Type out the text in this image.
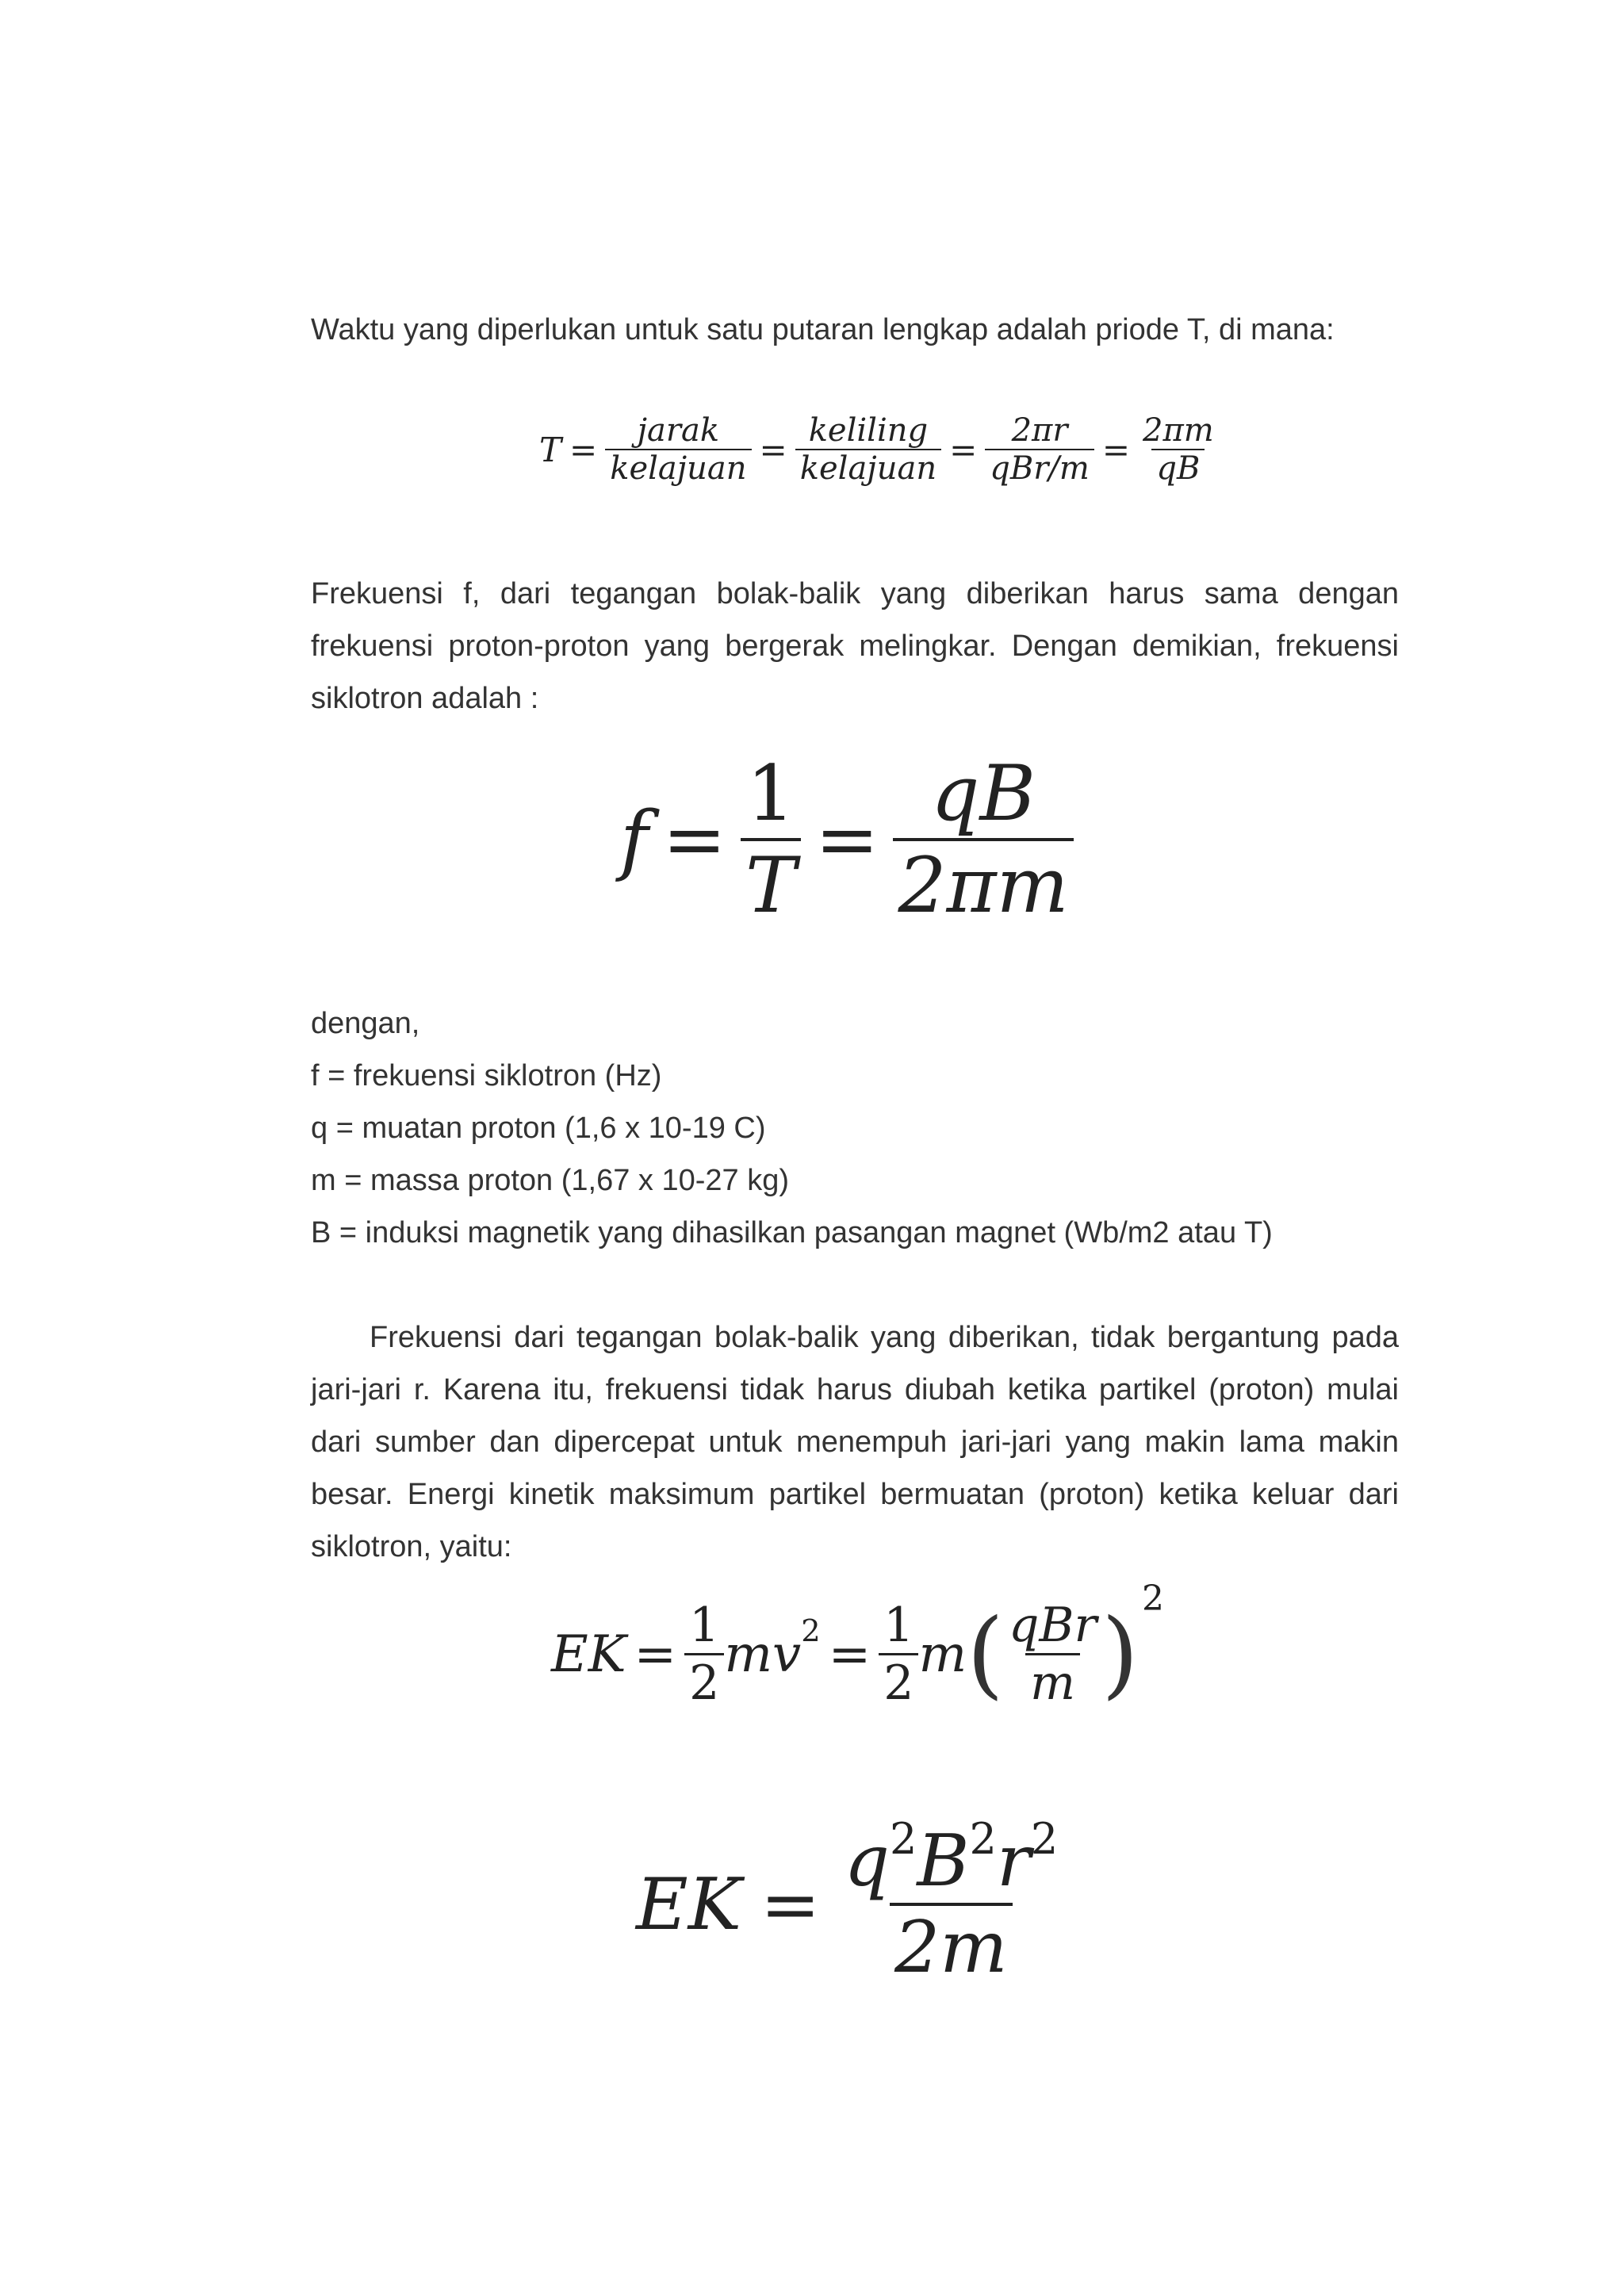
Waktu yang diperlukan untuk satu putaran lengkap adalah priode T, di mana:

$T = \frac{\text{jarak}}{\text{kelajuan}} = \frac{\text{keliling}}{\text{kelajuan}} = \frac{2\pi r}{\text{qBr/m}} = \frac{2\pi m}{qB}$

Frekuensi f, dari tegangan bolak-balik yang diberikan harus sama dengan frekuensi proton-proton yang bergerak melingkar. Dengan demikian, frekuensi siklotron adalah :

$f = \frac{1}{T} = \frac{qB}{2\pi m}$

dengan,

f = frekuensi siklotron (Hz)

q = muatan proton (1,6 x 10-19 C)

m = massa proton (1,67 x 10-27 kg)

B = induksi magnetik yang dihasilkan pasangan magnet (Wb/m2 atau T)

Frekuensi dari tegangan bolak-balik yang diberikan, tidak bergantung pada jari-jari r. Karena itu, frekuensi tidak harus diubah ketika partikel (proton) mulai dari sumber dan dipercepat untuk menempuh jari-jari yang makin lama makin besar. Energi kinetik maksimum partikel bermuatan (proton) ketika keluar dari siklotron, yaitu:

EK = $\frac{1}{2}$ m v $2 = \frac{1}{2}$ m ( $\frac{\text{qBr}}{m}$ ) 2
EK = $\frac{q^2B^2r^2}{2m}$
